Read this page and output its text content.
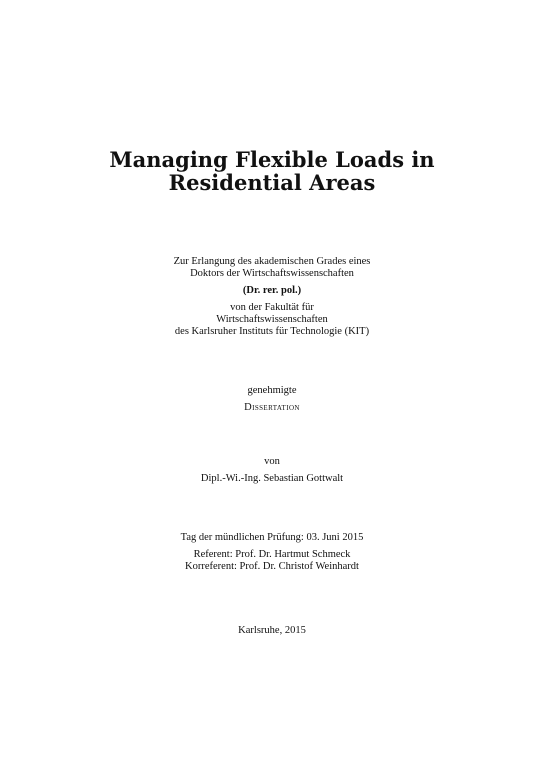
Managing Flexible Loads in
Residential Areas
Zur Erlangung des akademischen Grades eines
Doktors der Wirtschaftswissenschaften
(Dr. rer. pol.)
von der Fakultät für
Wirtschaftswissenschaften
des Karlsruher Instituts für Technologie (KIT)
genehmigte
Dissertation
von
Dipl.-Wi.-Ing. Sebastian Gottwalt
Tag der mündlichen Prüfung: 03. Juni 2015
Referent: Prof. Dr. Hartmut Schmeck
Korreferent: Prof. Dr. Christof Weinhardt
Karlsruhe, 2015
